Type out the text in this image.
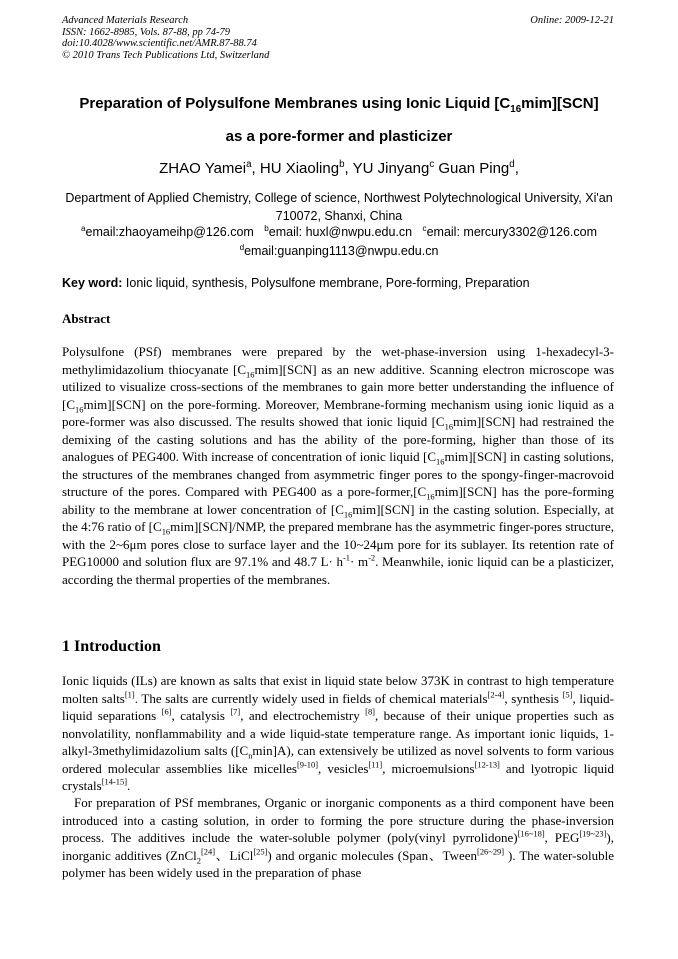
Advanced Materials Research
ISSN: 1662-8985, Vols. 87-88, pp 74-79
doi:10.4028/www.scientific.net/AMR.87-88.74
© 2010 Trans Tech Publications Ltd, Switzerland
Online: 2009-12-21
Preparation of Polysulfone Membranes using Ionic Liquid $[C_{16}mim][SCN]$
as a pore-former and plasticizer
ZHAO Yamei$^a$, HU Xiaoling$^b$, YU Jinyang$^c$ Guan Ping$^d$,
Department of Applied Chemistry, College of science, Northwest Polytechnological University, Xi'an
710072, Shanxi, China
$^a$email:zhaoyameihp@126.com $^b$email: huxl@nwpu.edu.cn $^c$email: mercury3302@126.com
$^d$email:guanping1113@nwpu.edu.cn
Key word: Ionic liquid, synthesis, Polysulfone membrane, Pore-forming, Preparation
Abstract
Polysulfone (PSf) membranes were prepared by the wet-phase-inversion using 1-hexadecyl-3-methylimidazolium thiocyanate $[C_{16}mim][SCN]$ as an new additive. Scanning electron microscope was utilized to visualize cross-sections of the membranes to gain more better understanding the influence of $[C_{16}mim][SCN]$ on the pore-forming. Moreover, Membrane-forming mechanism using ionic liquid as a pore-former was also discussed. The results showed that ionic liquid $[C_{16}mim][SCN]$ had restrained the demixing of the casting solutions and has the ability of the pore-forming, higher than those of its analogues of PEG400. With increase of concentration of ionic liquid $[C_{16}mim][SCN]$ in casting solutions, the structures of the membranes changed from asymmetric finger pores to the spongy-finger-macrovoid structure of the pores. Compared with PEG400 as a pore-$former,[C_{16}mim][SCN]$ has the pore-forming ability to the membrane at lower concentration of $[C_{16}mim][SCN]$ in the casting solution. Especially, at the 4:76 ratio of $[C_{16}mim][SCN]$/NMP, the prepared membrane has the asymmetric finger-pores structure, with the 2~6μm pores close to surface layer and the 10~24μm pore for its sublayer. Its retention rate of PEG10000 and solution flux are 97.1% and 48.7 $L\cdot h^{-1}\cdot m^{-2}$. Meanwhile, ionic liquid can be a plasticizer, according the thermal properties of the membranes.
1 Introduction
Ionic liquids (ILs) are known as salts that exist in liquid state below 373K in contrast to high temperature molten salts[1]. The salts are currently widely used in fields of chemical materials[2-4], synthesis [5], liquid-liquid separations [6], catalysis [7], and electrochemistry [8], because of their unique properties such as nonvolatility, nonflammability and a wide liquid-state temperature range. As important ionic liquids, 1-alkyl-3methylimidazolium salts $([C_n\min]A)$, can extensively be utilized as novel solvents to form various ordered molecular assemblies like micelles[9-10], vesicles[11], microemulsions[12-13] and lyotropic liquid crystals[14-15].
For preparation of PSf membranes, Organic or inorganic components as a third component have been introduced into a casting solution, in order to forming the pore structure during the phase-inversion process. The additives include the water-soluble polymer (poly(vinyl pyrrolidone)[16~18], PEG[19~23]), inorganic additives (ZnCl$_2$[24]、LiCl[25]) and organic molecules (Span、Tween[26~29] ). The water-soluble polymer has been widely used in the preparation of phase
